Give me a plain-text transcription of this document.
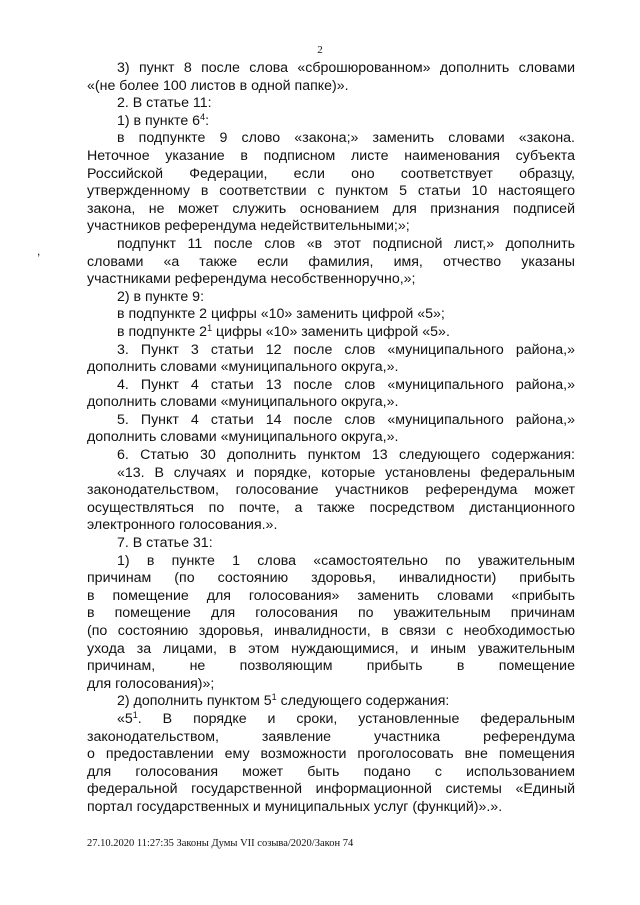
2
,

3) пункт 8 после слова «сброшюрованном» дополнить словами

«(не более 100 листов в одной папке)».

2. В статье 11:

1) в пункте $6^4$:

в подпункте 9 слово «закона;» заменить словами «закона.

Неточное указание в подписном листе наименования субъекта

Российской Федерации, если оно соответствует образцу,

утвержденному в соответствии с пунктом 5 статьи 10 настоящего

закона, не может служить основанием для признания подписей

участников референдума недействительными;»;

подпункт 11 после слов «в этот подписной лист,» дополнить

словами «а также если фамилия, имя, отчество указаны

участниками референдума несобственноручно,»;

2) в пункте 9:

в подпункте 2 цифры «10» заменить цифрой «5»;

в подпункте $2^1$ цифры «10» заменить цифрой «5».

3. Пункт 3 статьи 12 после слов «муниципального района,»

дополнить словами «муниципального округа,».

4. Пункт 4 статьи 13 после слов «муниципального района,»

дополнить словами «муниципального округа,».

5. Пункт 4 статьи 14 после слов «муниципального района,»

дополнить словами «муниципального округа,».

6. Статью 30 дополнить пунктом 13 следующего содержания:

«13. В случаях и порядке, которые установлены федеральным

законодательством, голосование участников референдума может

осуществляться по почте, а также посредством дистанционного

электронного голосования.».

7. В статье 31:

1) в пункте 1 слова «самостоятельно по уважительным

причинам (по состоянию здоровья, инвалидности) прибыть

в помещение для голосования» заменить словами «прибыть

в помещение для голосования по уважительным причинам

(по состоянию здоровья, инвалидности, в связи с необходимостью

ухода за лицами, в этом нуждающимися, и иным уважительным

причинам, не позволяющим прибыть в помещение

для голосования)»;

2) дополнить пунктом $5^1$ следующего содержания:

«$5^1$. В порядке и сроки, установленные федеральным

законодательством, заявление участника референдума

о предоставлении ему возможности проголосовать вне помещения

для голосования может быть подано с использованием

федеральной государственной информационной системы «Единый

портал государственных и муниципальных услуг (функций)».».

27.10.2020 11:27:35 Законы Думы VII созыва/2020/Закон 74
